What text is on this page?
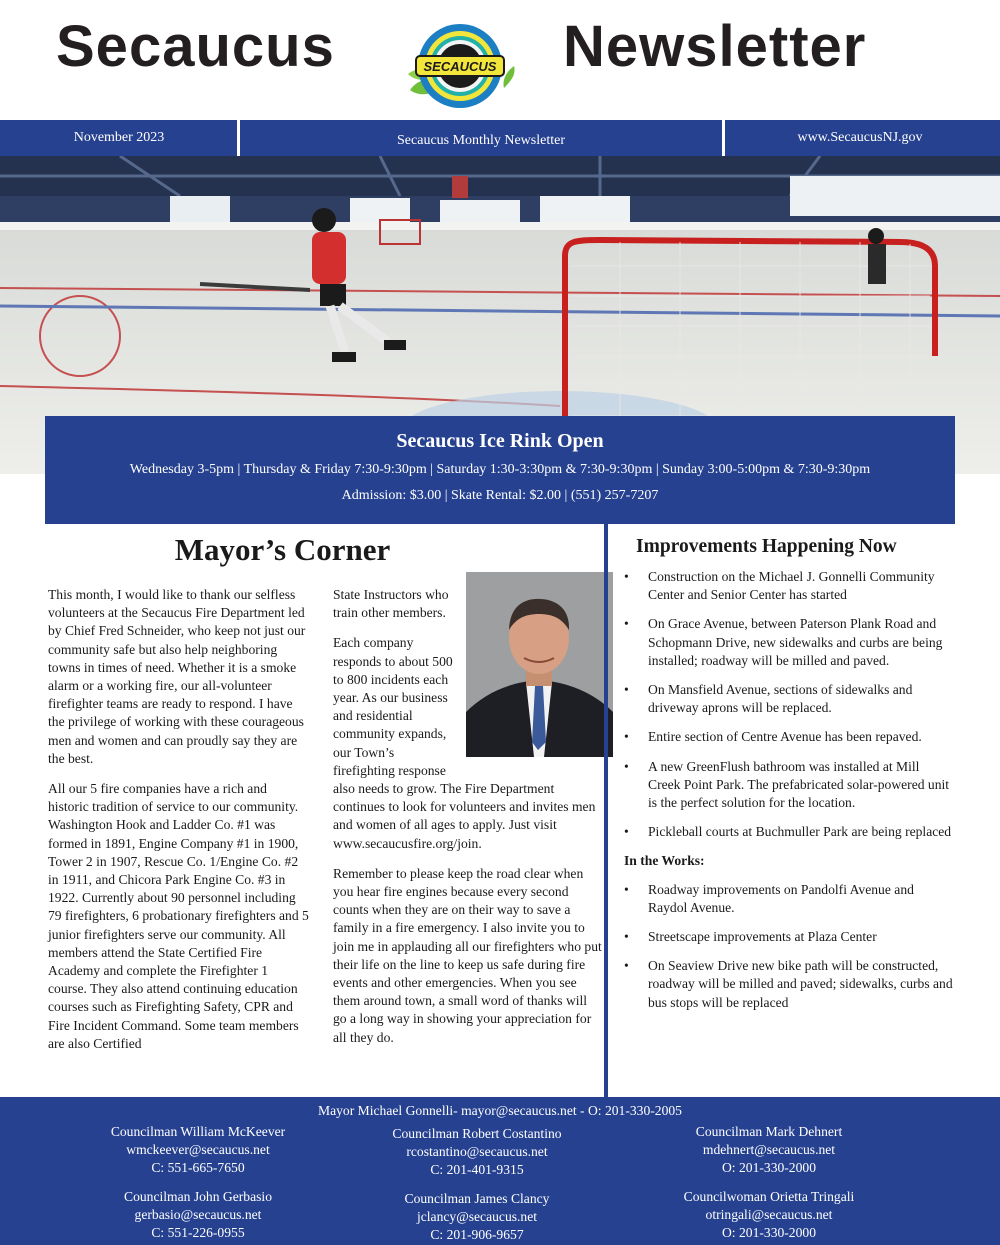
Secaucus	Newsletter
SECAUCUS
November 2023	Secaucus Monthly Newsletter	www.SecaucusNJ.gov
Secaucus Ice Rink Open
Wednesday 3-5pm | Thursday & Friday 7:30-9:30pm | Saturday 1:30-3:30pm & 7:30-9:30pm | Sunday 3:00-5:00pm & 7:30-9:30pm
Admission: $3.00 | Skate Rental: $2.00 | (551) 257-7207
Mayor’s Corner

This month, I would like to thank our selfless volunteers at the Secaucus Fire Department led by Chief Fred Schneider, who keep not just our community safe but also help neighboring towns in times of need. Whether it is a smoke alarm or a working fire, our all-volunteer firefighter teams are ready to respond. I have the privilege of working with these courageous men and women and can proudly say they are the best.

All our 5 fire companies have a rich and historic tradition of service to our community. Washington Hook and Ladder Co. #1 was formed in 1891, Engine Company #1 in 1900, Tower 2 in 1907, Rescue Co. 1/Engine Co. #2 in 1911, and Chicora Park Engine Co. #3 in 1922. Currently about 90 personnel including 79 firefighters, 6 probationary firefighters and 5 junior firefighters serve our community. All members attend the State Certified Fire Academy and complete the Firefighter 1 course. They also attend continuing education courses such as Firefighting Safety, CPR and Fire Incident Command. Some team members are also Certified

State Instructors who train other members.

Each company responds to about 500 to 800 incidents each year. As our business and residential community expands, our Town’s firefighting response also needs to grow. The Fire Department continues to look for volunteers and invites men and women of all ages to apply. Just visit www.secaucusfire.org/join.

Remember to please keep the road clear when you hear fire engines because every second counts when they are on their way to save a family in a fire emergency. I also invite you to join me in applauding all our firefighters who put their life on the line to keep us safe during fire events and other emergencies. When you see them around town, a small word of thanks will go a long way in showing your appreciation for all they do.

Improvements Happening Now
• Construction on the Michael J. Gonnelli Community Center and Senior Center has started
• On Grace Avenue, between Paterson Plank Road and Schopmann Drive, new sidewalks and curbs are being installed; roadway will be milled and paved.
• On Mansfield Avenue, sections of sidewalks and driveway aprons will be replaced.
• Entire section of Centre Avenue has been repaved.
• A new GreenFlush bathroom was installed at Mill Creek Point Park. The prefabricated solar-powered unit is the perfect solution for the location.
• Pickleball courts at Buchmuller Park are being replaced

In the Works:

• Roadway improvements on Pandolfi Avenue and Raydol Avenue.
• Streetscape improvements at Plaza Center
• On Seaview Drive new bike path will be constructed, roadway will be milled and paved; sidewalks, curbs and bus stops will be replaced
Mayor Michael Gonnelli- mayor@secaucus.net - O: 201-330-2005
Councilman William McKeever
wmckeever@secaucus.net
C: 551-665-7650
Councilman Robert Costantino
rcostantino@secaucus.net
C: 201-401-9315
Councilman Mark Dehnert
mdehnert@secaucus.net
O: 201-330-2000
Councilman John Gerbasio
gerbasio@secaucus.net
C: 551-226-0955
Councilman James Clancy
jclancy@secaucus.net
C: 201-906-9657
Councilwoman Orietta Tringali
otringali@secaucus.net
O: 201-330-2000
